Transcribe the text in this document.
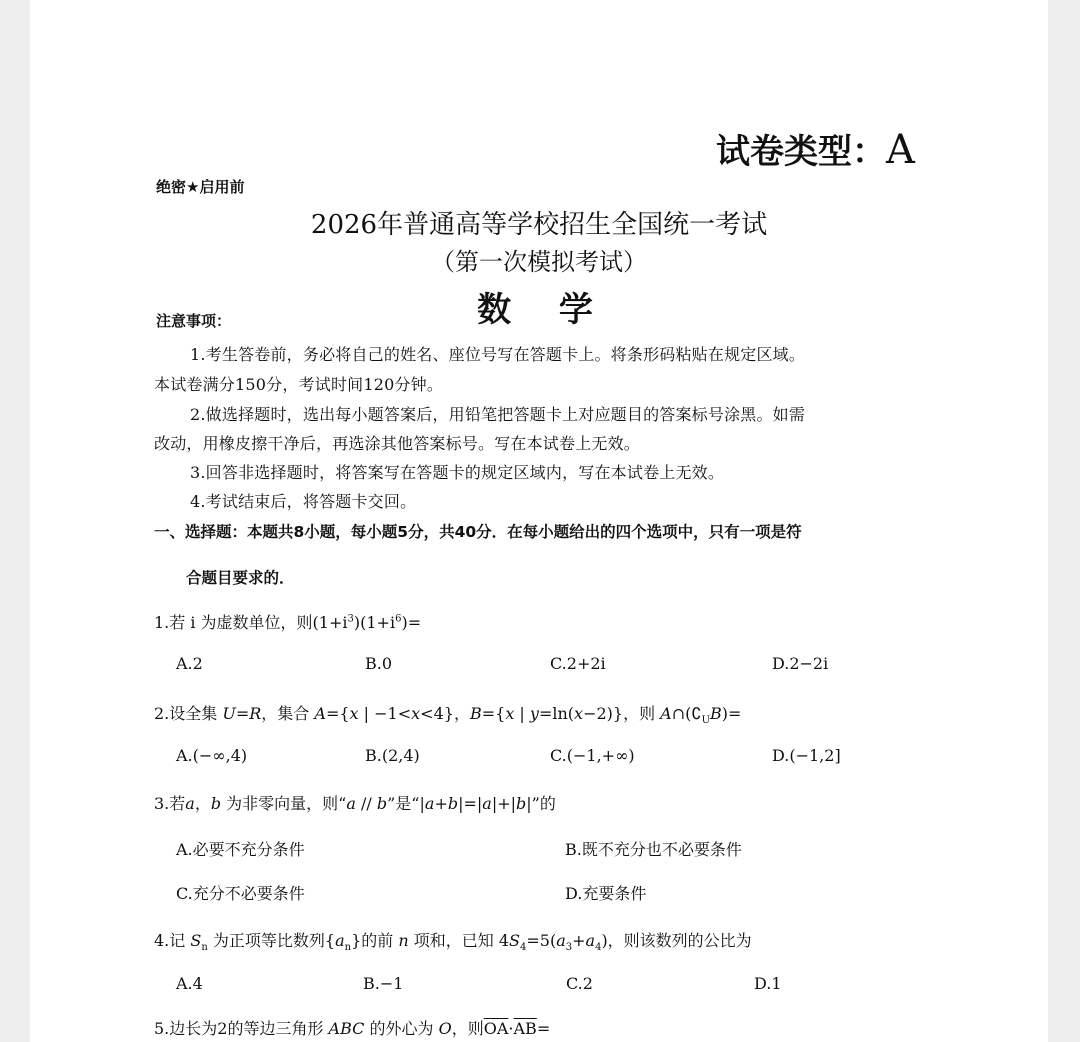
试卷类型：A
绝密★启用前
2026年普通高等学校招生全国统一考试
（第一次模拟考试）
数  学
注意事项：
1.考生答卷前，务必将自己的姓名、座位号写在答题卡上。将条形码粘贴在规定区域。
本试卷满分150分，考试时间120分钟。
2.做选择题时，选出每小题答案后，用铅笔把答题卡上对应题目的答案标号涂黑。如需
改动，用橡皮擦干净后，再选涂其他答案标号。写在本试卷上无效。
3.回答非选择题时，将答案写在答题卡的规定区域内，写在本试卷上无效。
4.考试结束后，将答题卡交回。
一、选择题：本题共8小题，每小题5分，共40分．在每小题给出的四个选项中，只有一项是符
合题目要求的．
1.若 i 为虚数单位，则$(1+i^3)(1+i^6)=$
A.2	B.0	C.2+2i	D.2−2i
2.设全集 U=R，集合 A={x | −1<x<4}，B={x | y=ln(x−2)}，则 $A\cap(∁_UB)=$
A.(−∞,4)	B.(2,4)	C.(−1,+∞)	D.(−1,2]
3.若a，b 为非零向量，则“a // b”是“|a+b|=|a|+|b|”的
A.必要不充分条件	B.既不充分也不必要条件
C.充分不必要条件	D.充要条件
4.记 $S_n$ 为正项等比数列$\{a_n\}$的前 n 项和，已知 $4S_4=5(a_3+a_4)$，则该数列的公比为
A.4	B.−1	C.2	D.1
5.边长为2的等边三角形 ABC 的外心为 O，则$\overline{OA}\cdot\overline{AB}=$
